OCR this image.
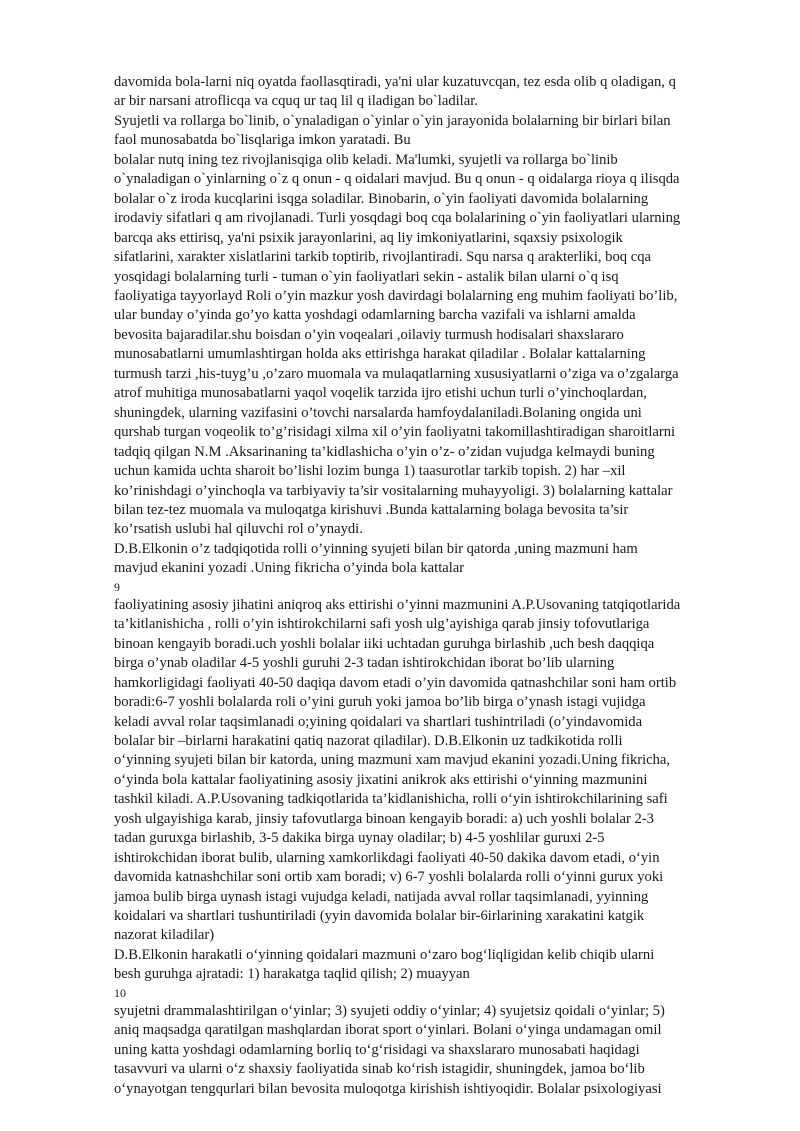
davomida bola-larni niq oyatda faollasqtiradi, ya'ni ular kuzatuvcqan, tez esda olib q oladigan, q
ar bir narsani atroflicqa va cquq ur taq lil q iladigan bo`ladilar.
Syujetli va rollarga bo`linib, o`ynaladigan o`yinlar o`yin jarayonida bolalarning bir birlari bilan
faol munosabatda bo`lisqlariga imkon yaratadi. Bu
bolalar nutq ining tez rivojlanisqiga olib keladi. Ma'lumki, syujetli va rollarga bo`linib
o`ynaladigan o`yinlarning o`z q onun - q oidalari mavjud. Bu q onun - q oidalarga rioya q ilisqda
bolalar o`z iroda kucqlarini isqga soladilar. Binobarin, o`yin faoliyati davomida bolalarning
irodaviy sifatlari q am rivojlanadi. Turli yosqdagi boq cqa bolalarining o`yin faoliyatlari ularning
barcqa aks ettirisq, ya'ni psixik jarayonlarini, aq liy imkoniyatlarini, sqaxsiy psixologik
sifatlarini, xarakter xislatlarini tarkib toptirib, rivojlantiradi. Squ narsa q arakterliki, boq cqa
yosqidagi bolalarning turli - tuman o`yin faoliyatlari sekin - astalik bilan ularni o`q isq
faoliyatiga tayyorlayd Roli o’yin mazkur yosh davirdagi bolalarning eng muhim faoliyati bo’lib,
ular bunday o’yinda go’yo katta yoshdagi odamlarning barcha vazifali va ishlarni amalda
bevosita bajaradilar.shu boisdan o’yin voqealari ,oilaviy turmush hodisalari shaxslararo
munosabatlarni umumlashtirgan holda aks ettirishga harakat qiladilar . Bolalar kattalarning
turmush tarzi ,his-tuyg’u ,o’zaro muomala va mulaqatlarning xususiyatlarni o’ziga va o’zgalarga
atrof muhitiga munosabatlarni yaqol voqelik tarzida ijro etishi uchun turli o’yinchoqlardan,
shuningdek, ularning vazifasini o’tovchi narsalarda hamfoydalaniladi.Bolaning ongida uni
qurshab turgan voqeolik to’g’risidagi xilma xil o’yin faoliyatni takomillashtiradigan sharoitlarni
tadqiq qilgan N.M .Aksarinaning ta’kidlashicha o’yin o’z- o’zidan vujudga kelmaydi buning
uchun kamida uchta sharoit bo’lishi lozim bunga 1) taasurotlar tarkib topish. 2) har –xil
ko’rinishdagi o’yinchoqla va tarbiyaviy ta’sir vositalarning muhayyoligi. 3) bolalarning kattalar
bilan tez-tez muomala va muloqatga kirishuvi .Bunda kattalarning bolaga bevosita ta’sir
ko’rsatish uslubi hal qiluvchi rol o’ynaydi.
D.B.Elkonin o’z tadqiqotida rolli o’yinning syujeti bilan bir qatorda ,uning mazmuni ham
mavjud ekanini yozadi .Uning fikricha o’yinda bola kattalar
9
faoliyatining asosiy jihatini aniqroq aks ettirishi o’yinni mazmunini A.P.Usovaning tatqiqotlarida
ta’kitlanishicha , rolli o’yin ishtirokchilarni safi yosh ulg’ayishiga qarab jinsiy tofovutlariga
binoan kengayib boradi.uch yoshli bolalar iiki uchtadan guruhga birlashib ,uch besh daqqiqa
birga o’ynab oladilar 4-5 yoshli guruhi 2-3 tadan ishtirokchidan iborat bo’lib ularning
hamkorligidagi faoliyati 40-50 daqiqa davom etadi o’yin davomida qatnashchilar soni ham ortib
boradi:6-7 yoshli bolalarda roli o’yini guruh yoki jamoa bo’lib birga o’ynash istagi vujidga
keladi avval rolar taqsimlanadi o;yining qoidalari va shartlari tushintriladi (o’yindavomida
bolalar bir –birlarni harakatini qatiq nazorat qiladilar). D.B.Elkonin uz tadkikotida rolli
o‘yinning syujeti bilan bir katorda, uning mazmuni xam mavjud ekanini yozadi.Uning fikricha,
o‘yinda bola kattalar faoliyatining asosiy jixatini anikrok aks ettirishi o‘yinning mazmunini
tashkil kiladi. A.P.Usovaning tadkiqotlarida ta’kidlanishicha, rolli o‘yin ishtirokchilarining safi
yosh ulgayishiga karab, jinsiy tafovutlarga binoan kengayib boradi: a) uch yoshli bolalar 2-3
tadan guruxga birlashib, 3-5 dakika birga uynay oladilar; b) 4-5 yoshlilar guruxi 2-5
ishtirokchidan iborat bulib, ularning xamkorlikdagi faoliyati 40-50 dakika davom etadi, o‘yin
davomida katnashchilar soni ortib xam boradi; v) 6-7 yoshli bolalarda rolli o‘yinni gurux yoki
jamoa bulib birga uynash istagi vujudga keladi, natijada avval rollar taqsimlanadi, yyinning
koidalari va shartlari tushuntiriladi (yyin davomida bolalar bir-6irlarining xarakatini katgik
nazorat kiladilar)
D.B.Elkonin harakatli o‘yinning qoidalari mazmuni o‘zaro bog‘liqligidan kelib chiqib ularni
besh guruhga ajratadi: 1) harakatga taqlid qilish; 2) muayyan
10
syujetni drammalashtirilgan o‘yinlar; 3) syujeti oddiy o‘yinlar; 4) syujetsiz qoidali o‘yinlar; 5)
aniq maqsadga qaratilgan mashqlardan iborat sport o‘yinlari. Bolani o‘yinga undamagan omil
uning katta yoshdagi odamlarning borliq to‘g‘risidagi va shaxslararo munosabati haqidagi
tasavvuri va ularni o‘z shaxsiy faoliyatida sinab ko‘rish istagidir, shuningdek, jamoa bo‘lib
o‘ynayotgan tengqurlari bilan bevosita muloqotga kirishish ishtiyoqidir. Bolalar psixologiyasi
